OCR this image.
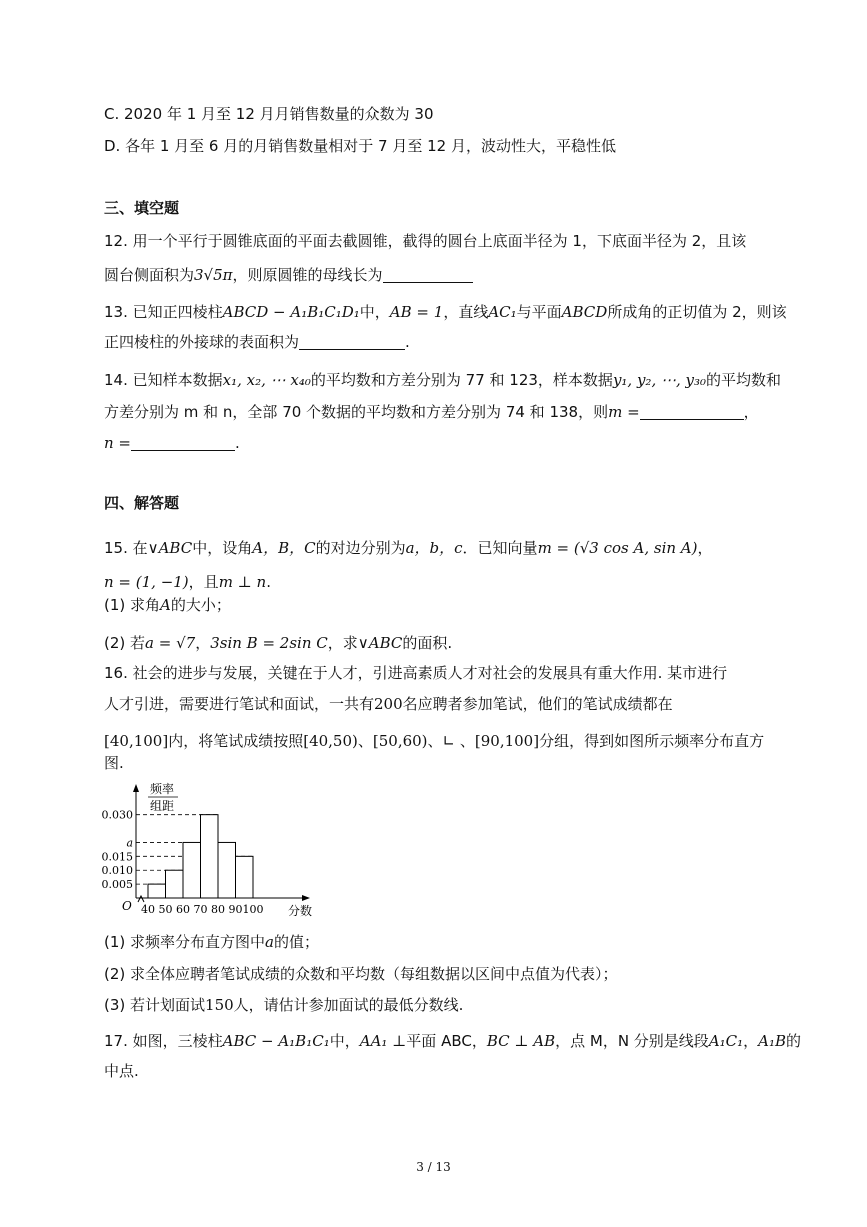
C. 2020 年 1 月至 12 月月销售数量的众数为 30
D. 各年 1 月至 6 月的月销售数量相对于 7 月至 12 月，波动性大，平稳性低
三、填空题
12. 用一个平行于圆锥底面的平面去截圆锥，截得的圆台上底面半径为 1，下底面半径为 2，且该
圆台侧面积为3√5π，则原圆锥的母线长为
13. 已知正四棱柱ABCD − A₁B₁C₁D₁中，AB = 1，直线AC₁与平面ABCD所成角的正切值为 2，则该
正四棱柱的外接球的表面积为	.
14. 已知样本数据x₁, x₂, ⋯ x₄₀的平均数和方差分别为 77 和 123，样本数据y₁, y₂, ⋯, y₃₀的平均数和
方差分别为 m 和 n，全部 70 个数据的平均数和方差分别为 74 和 138，则m =	，
n =	.
四、解答题
15. 在∨ABC中，设角A，B，C的对边分别为a，b，c．已知向量m = (√3 cos A, sin A)，
n = (1, −1)，且m ⊥ n.
(1) 求角A的大小；
(2) 若a = √7，3sin B = 2sin C，求∨ABC的面积.
16. 社会的进步与发展，关键在于人才，引进高素质人才对社会的发展具有重大作用. 某市进行
人才引进，需要进行笔试和面试，一共有200名应聘者参加笔试，他们的笔试成绩都在
[40,100]内，将笔试成绩按照[40,50)、[50,60)、∟ 、[90,100]分组，得到如图所示频率分布直方
图.
0.005
0.010
0.015
a
0.030
40 50 60 70 80 90 100
O
频率
组距
分数
(1) 求频率分布直方图中a的值；
(2) 求全体应聘者笔试成绩的众数和平均数（每组数据以区间中点值为代表）；
(3) 若计划面试150人，请估计参加面试的最低分数线.
17. 如图，三棱柱ABC − A₁B₁C₁中，AA₁ ⊥平面 ABC，BC ⊥ AB，点 M，N 分别是线段A₁C₁，A₁B的
中点.
3 / 13
